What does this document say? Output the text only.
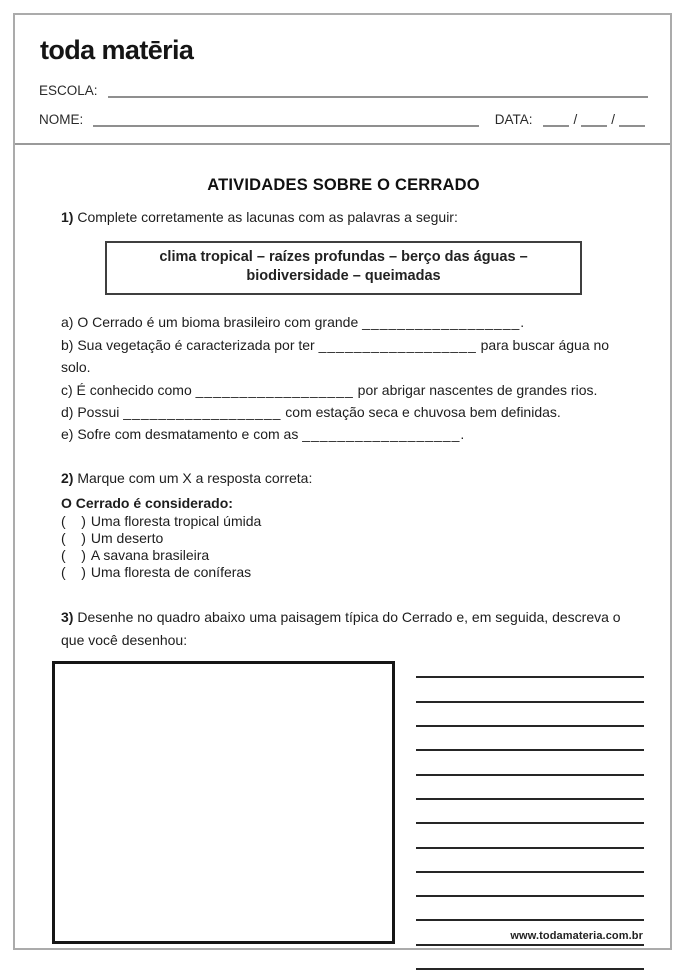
toda matēria
ESCOLA:
NOME:	DATA:	/	/
ATIVIDADES SOBRE O CERRADO
1) Complete corretamente as lacunas com as palavras a seguir:
clima tropical – raízes profundas – berço das águas –
biodiversidade – queimadas
a) O Cerrado é um bioma brasileiro com grande __________________.
b) Sua vegetação é caracterizada por ter __________________ para buscar água no solo.
c) É conhecido como __________________ por abrigar nascentes de grandes rios.
d) Possui __________________ com estação seca e chuvosa bem definidas.
e) Sofre com desmatamento e com as __________________.
2) Marque com um X a resposta correta:
O Cerrado é considerado:
(    ) Uma floresta tropical úmida
(    ) Um deserto
(    ) A savana brasileira
(    ) Uma floresta de coníferas
3) Desenhe no quadro abaixo uma paisagem típica do Cerrado e, em seguida, descreva o que você desenhou:
www.todamateria.com.br
